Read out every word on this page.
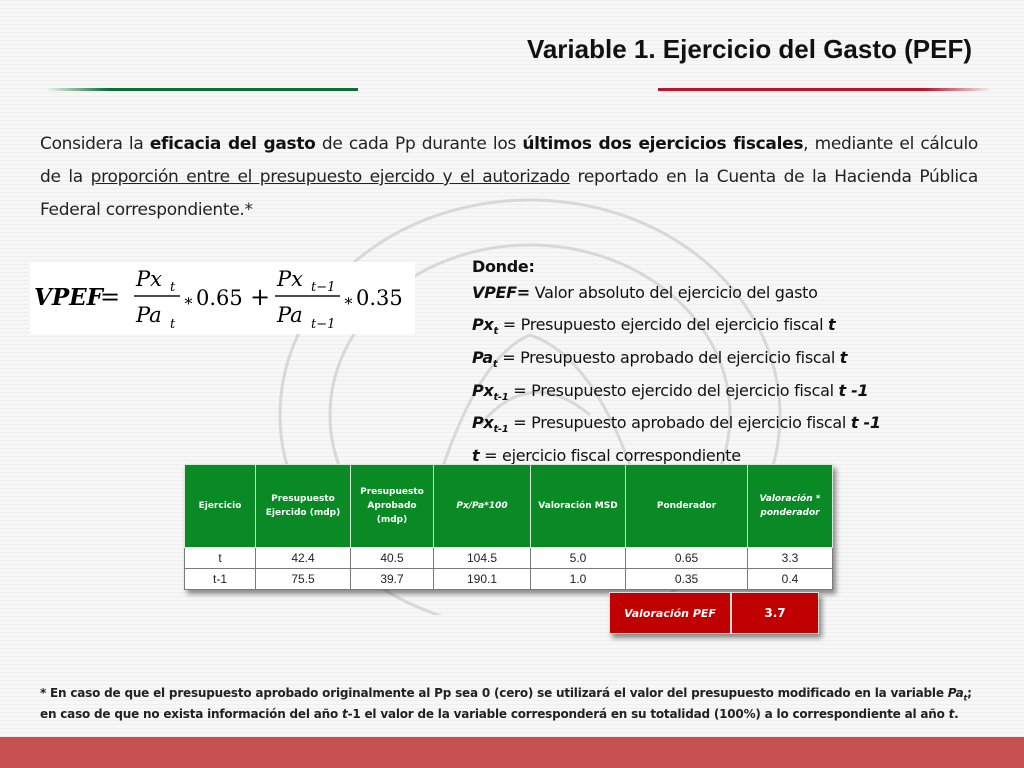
Variable 1. Ejercicio del Gasto (PEF)
Considera la eficacia del gasto de cada Pp durante los últimos dos ejercicios fiscales, mediante el cálculo de la proporción entre el presupuesto ejercido y el autorizado reportado en la Cuenta de la Hacienda Pública Federal correspondiente.*
VPEF
=
Px t
Pa t
∗ 0.65 +
Px t−1
Pa t−1
∗ 0.35
Donde:
VPEF= Valor absoluto del ejercicio del gasto
$Px_t$ = Presupuesto ejercido del ejercicio fiscal t
$Pa_t$ = Presupuesto aprobado del ejercicio fiscal t
$Px_{t-1}$ = Presupuesto ejercido del ejercicio fiscal t -1
$Px_{t-1}$ = Presupuesto aprobado del ejercicio fiscal t -1
t = ejercicio fiscal correspondiente
Ejercicio	Presupuesto Ejercido (mdp)	Presupuesto Aprobado (mdp)	Px/Pa*100	Valoración MSD	Ponderador	Valoración * ponderador
t	42.4	40.5	104.5	5.0	0.65	3.3
t-1	75.5	39.7	190.1	1.0	0.35	0.4
Valoración PEF	3.7
* En caso de que el presupuesto aprobado originalmente al Pp sea 0 (cero) se utilizará el valor del presupuesto modificado en la variable $Pa_t$; en caso de que no exista información del año t-1 el valor de la variable corresponderá en su totalidad (100%) a lo correspondiente al año t.
